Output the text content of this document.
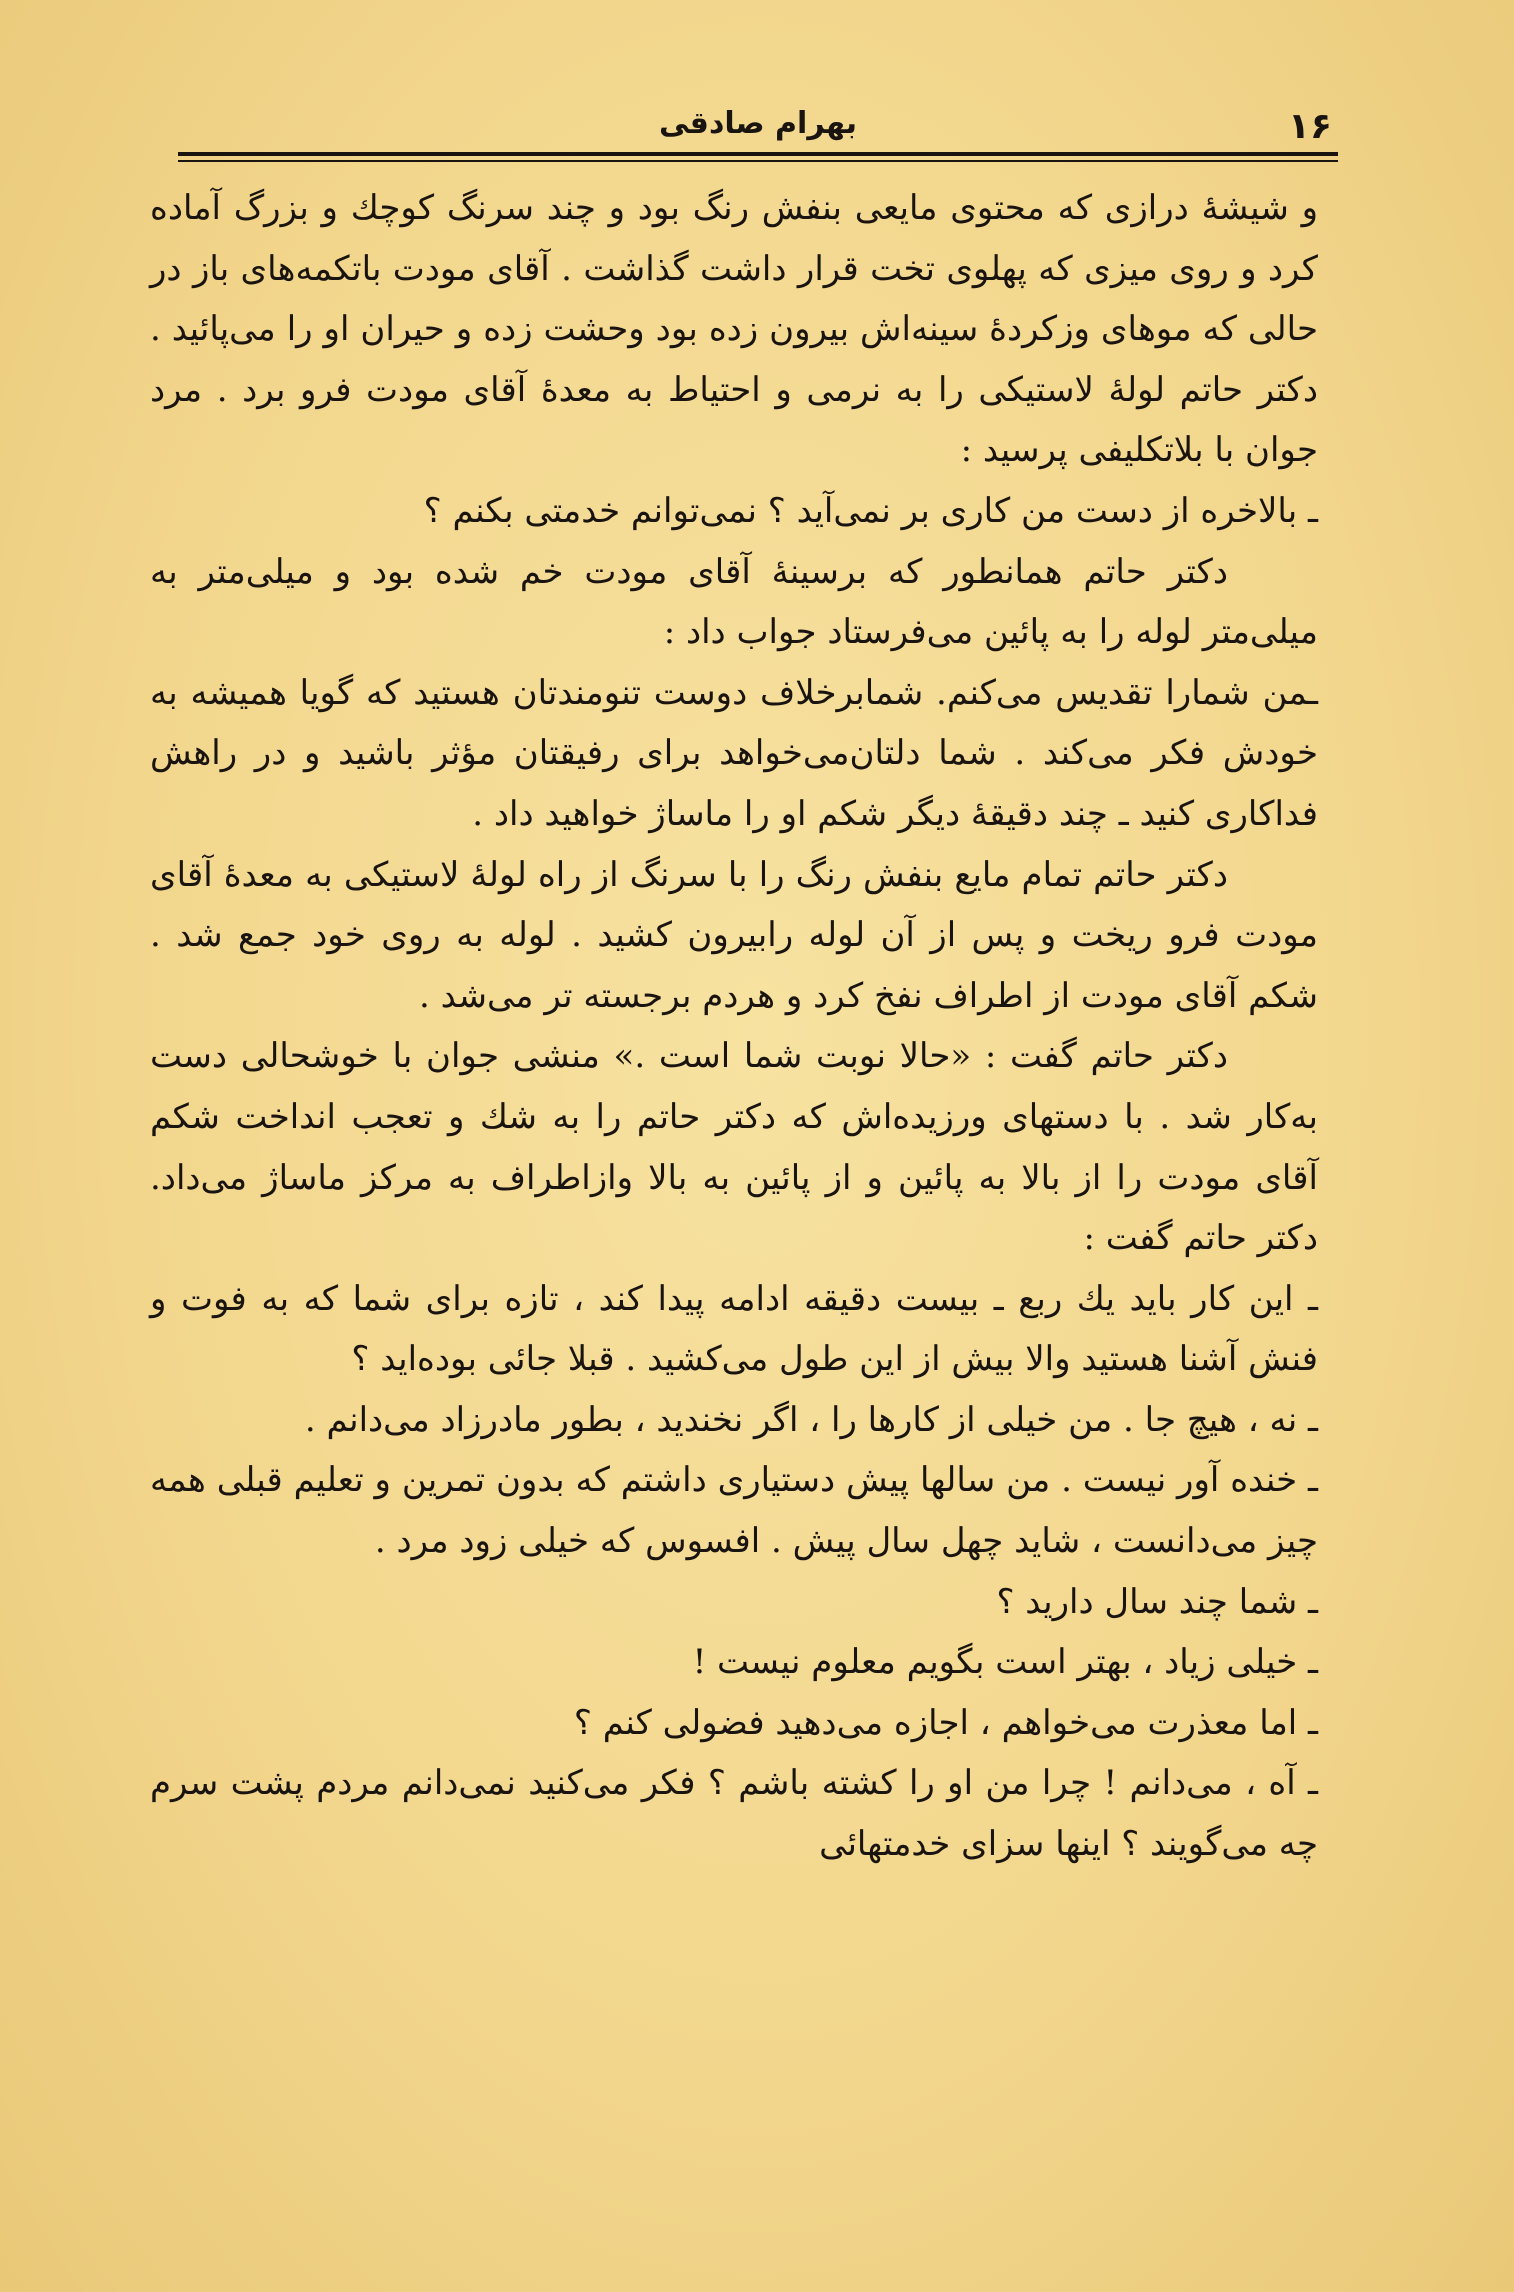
بهرام صادقی	۱۶

و شیشهٔ درازی که محتوی مایعی بنفش رنگ بود و چند سرنگ کوچك و بزرگ آماده کرد و روی میزی که پهلوی تخت قرار داشت گذاشت . آقای مودت باتکمه‌های باز در حالی که موهای وزکردهٔ سینه‌اش بیرون زده بود وحشت زده و حیران او را می‌پائید . دکتر حاتم لولهٔ لاستیکی را به نرمی و احتیاط به معدهٔ آقای مودت فرو برد . مرد جوان با بلاتکلیفی پرسید :

ـ بالاخره از دست من کاری بر نمی‌آید ؟ نمی‌توانم خدمتی بکنم ؟

دکتر حاتم همانطور که برسینهٔ آقای مودت خم شده بود و میلی‌متر به میلی‌متر لوله را به پائین می‌فرستاد جواب داد :

ـمن شمارا تقدیس می‌کنم. شمابرخلاف دوست تنومندتان هستید که گویا همیشه به خودش فکر می‌کند . شما دلتان‌می‌خواهد برای رفیقتان مؤثر باشید و در راهش فداکاری کنید ـ چند دقیقهٔ دیگر شکم او را ماساژ خواهید داد .

دکتر حاتم تمام مایع بنفش رنگ را با سرنگ از راه لولهٔ لاستیکی به معدهٔ آقای مودت فرو ریخت و پس از آن لوله رابیرون کشید . لوله به روی خود جمع شد . شکم آقای مودت از اطراف نفخ کرد و هردم برجسته تر می‌شد .

دکتر حاتم گفت : «حالا نوبت شما است .» منشی جوان با خوشحالی دست به‌کار شد . با دستهای ورزیده‌اش که دکتر حاتم را به شك و تعجب انداخت شکم آقای مودت را از بالا به پائین و از پائین به بالا وازاطراف به مرکز ماساژ می‌داد. دکتر حاتم گفت :

ـ این کار باید یك ربع ـ بیست دقیقه ادامه پیدا کند ، تازه برای شما که به فوت و فنش آشنا هستید والا بیش از این طول می‌کشید . قبلا جائی بوده‌اید ؟

ـ نه ، هیچ جا . من خیلی از کارها را ، اگر نخندید ، بطور مادرزاد می‌دانم .

ـ خنده آور نیست . من سالها پیش دستیاری داشتم که بدون تمرین و تعلیم قبلی همه چیز می‌دانست ، شاید چهل سال پیش . افسوس که خیلی زود مرد .

ـ شما چند سال دارید ؟

ـ خیلی زیاد ، بهتر است بگویم معلوم نیست !

ـ اما معذرت می‌خواهم ، اجازه می‌دهید فضولی کنم ؟

ـ آه ، می‌دانم ! چرا من او را کشته باشم ؟ فکر می‌کنید نمی‌دانم مردم پشت سرم چه می‌گویند ؟ اینها سزای خدمتهائی
